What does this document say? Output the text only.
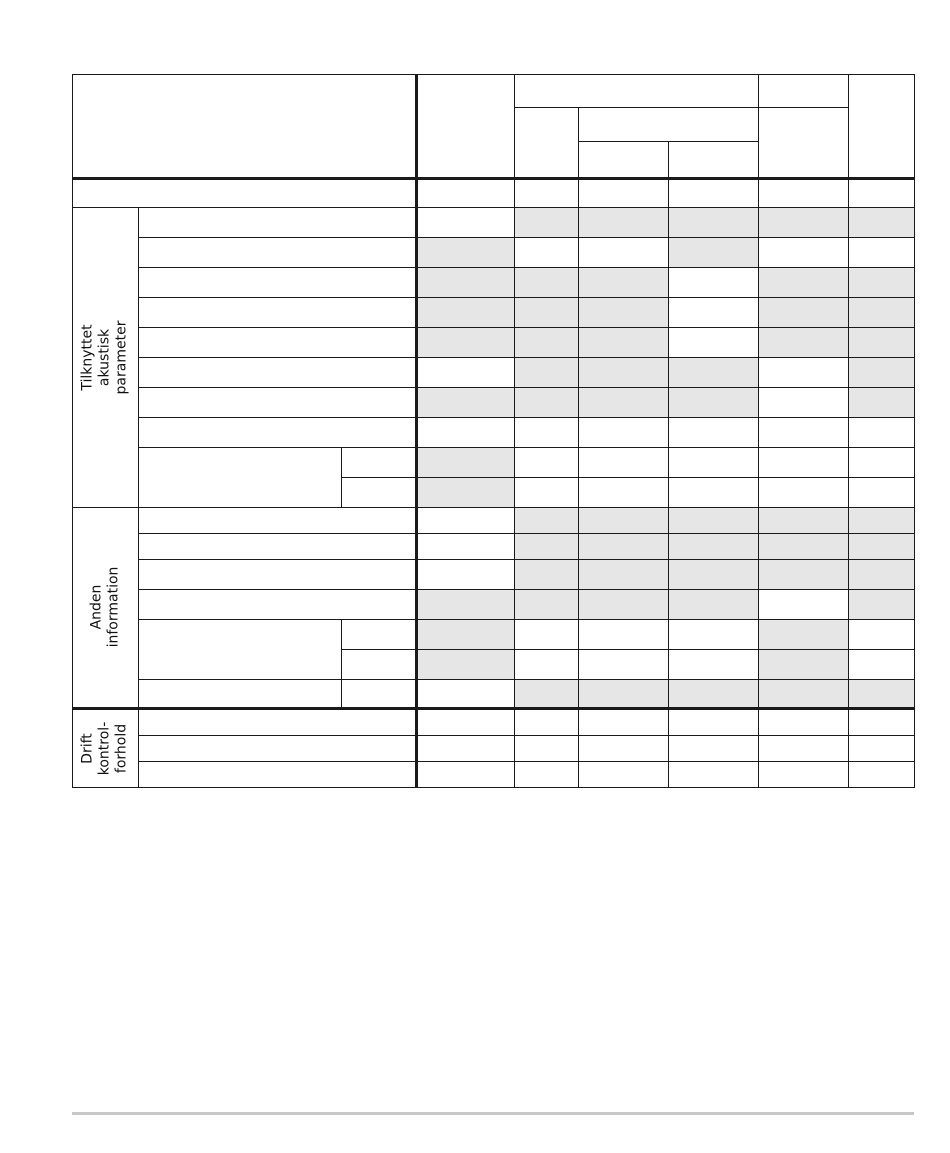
Tilknyttet akustisk
parameter
Anden
information
Drift
kontrol-
forhold
